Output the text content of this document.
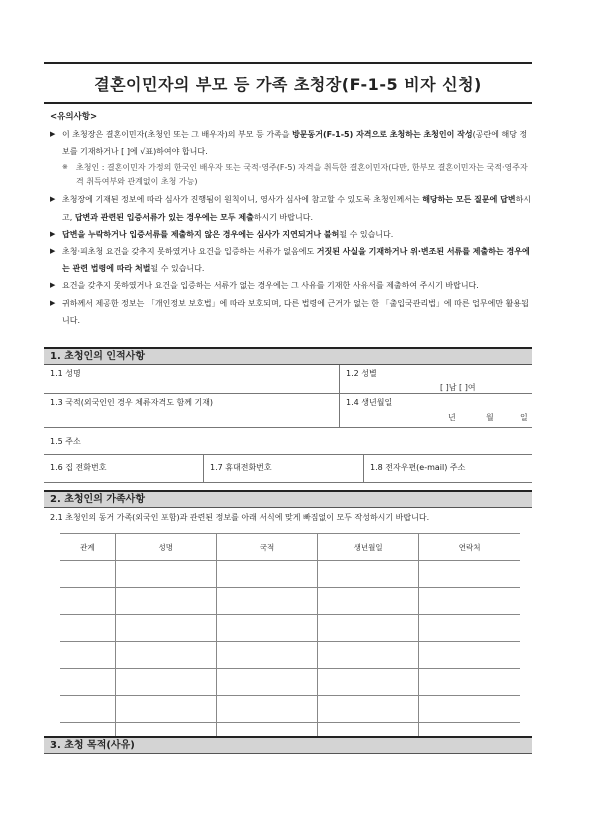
결혼이민자의 부모 등 가족 초청장(F-1-5 비자 신청)
<유의사항>
▶ 이 초청장은 결혼이민자(초청인 또는 그 배우자)의 부모 등 가족을 방문동거(F-1-5) 자격으로 초청하는 초청인이 작성(공란에 해당 정보를 기재하거나 [ ]에 √표)하여야 합니다.
※ 초청인 : 결혼이민자 가정의 한국인 배우자 또는 국적·영주(F-5) 자격을 취득한 결혼이민자(다만, 한부모 결혼이민자는 국적·영주자격 취득여부와 관계없이 초청 가능)
▶ 초청장에 기재된 정보에 따라 심사가 진행됨이 원칙이니, 영사가 심사에 참고할 수 있도록 초청인께서는 해당하는 모든 질문에 답변하시고, 답변과 관련된 입증서류가 있는 경우에는 모두 제출하시기 바랍니다.
▶ 답변을 누락하거나 입증서류를 제출하지 않은 경우에는 심사가 지연되거나 불허될 수 있습니다.
▶ 초청·피초청 요건을 갖추지 못하였거나 요건을 입증하는 서류가 없음에도 거짓된 사실을 기재하거나 위·변조된 서류를 제출하는 경우에는 관련 법령에 따라 처벌될 수 있습니다.
▶ 요건을 갖추지 못하였거나 요건을 입증하는 서류가 없는 경우에는 그 사유를 기재한 사유서를 제출하여 주시기 바랍니다.
▶ 귀하께서 제공한 정보는 「개인정보 보호법」에 따라 보호되며, 다른 법령에 근거가 없는 한 「출입국관리법」에 따른 업무에만 활용됩니다.
1. 초청인의 인적사항
1.1 성명	1.2 성별
[ ]남 [ ]여
1.3 국적(외국인인 경우 체류자격도 함께 기재)	1.4 생년월일
년	월	일
1.5 주소
1.6 집 전화번호	1.7 휴대전화번호	1.8 전자우편(e-mail) 주소
2. 초청인의 가족사항
2.1 초청인의 동거 가족(외국인 포함)과 관련된 정보를 아래 서식에 맞게 빠짐없이 모두 작성하시기 바랍니다.
관계	성명	국적	생년월일	연락처

3. 초청 목적(사유)
